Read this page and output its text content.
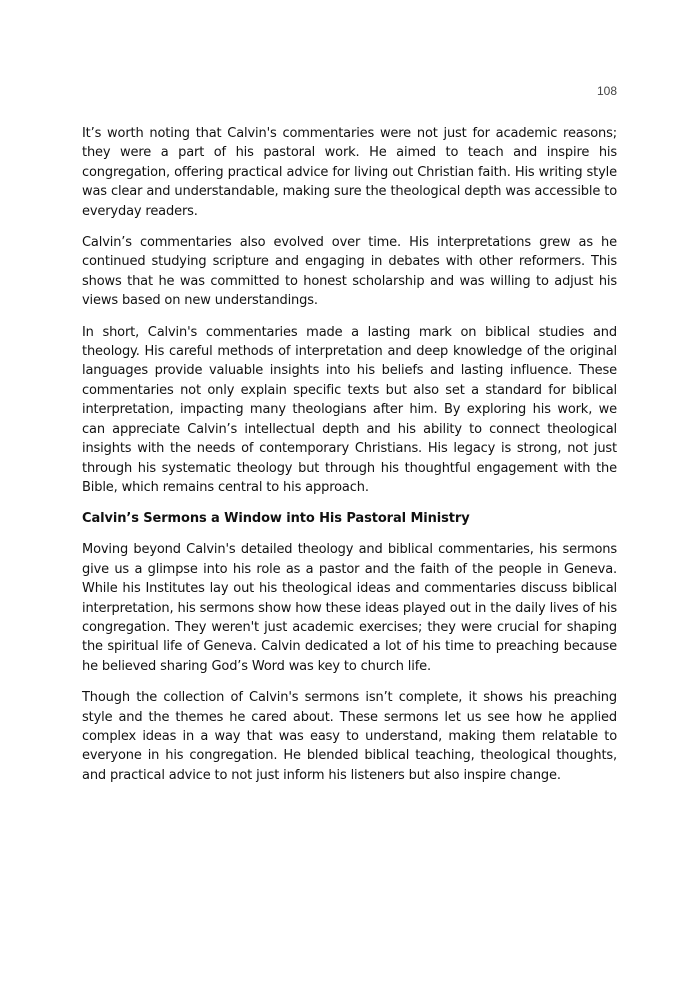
108

It’s worth noting that Calvin's commentaries were not just for academic reasons; they were a part of his pastoral work. He aimed to teach and inspire his congregation, offering practical advice for living out Christian faith. His writing style was clear and understandable, making sure the theological depth was accessible to everyday readers.

Calvin’s commentaries also evolved over time. His interpretations grew as he continued studying scripture and engaging in debates with other reformers. This shows that he was committed to honest scholarship and was willing to adjust his views based on new understandings.

In short, Calvin's commentaries made a lasting mark on biblical studies and theology. His careful methods of interpretation and deep knowledge of the original languages provide valuable insights into his beliefs and lasting influence. These commentaries not only explain specific texts but also set a standard for biblical interpretation, impacting many theologians after him. By exploring his work, we can appreciate Calvin’s intellectual depth and his ability to connect theological insights with the needs of contemporary Christians. His legacy is strong, not just through his systematic theology but through his thoughtful engagement with the Bible, which remains central to his approach.

Calvin’s Sermons a Window into His Pastoral Ministry

Moving beyond Calvin's detailed theology and biblical commentaries, his sermons give us a glimpse into his role as a pastor and the faith of the people in Geneva. While his Institutes lay out his theological ideas and commentaries discuss biblical interpretation, his sermons show how these ideas played out in the daily lives of his congregation. They weren't just academic exercises; they were crucial for shaping the spiritual life of Geneva. Calvin dedicated a lot of his time to preaching because he believed sharing God’s Word was key to church life.

Though the collection of Calvin's sermons isn’t complete, it shows his preaching style and the themes he cared about. These sermons let us see how he applied complex ideas in a way that was easy to understand, making them relatable to everyone in his congregation. He blended biblical teaching, theological thoughts, and practical advice to not just inform his listeners but also inspire change.
